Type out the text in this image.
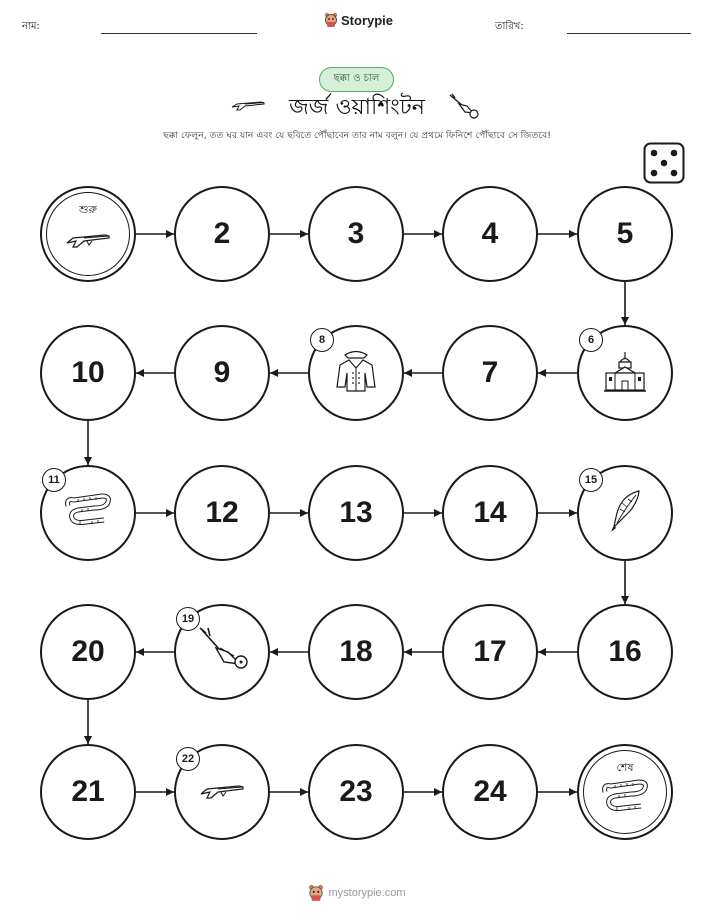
নাম:	Storypie	তারিখ:
ছক্কা ও চাল
জর্জ ওয়াশিংটন
ছক্কা ফেলুন, তত ঘর যান এবং যে ছবিতে পৌঁছাবেন তার নাম বলুন। যে প্রথমে ফিনিশে পৌঁছাবে সে জিতবে!
শুরু
2	3	4	5
6
7
8
9
10
11
12	13	14
15
16
17
18
19
20
21
22
23	24
শেষ
mystorypie.com
